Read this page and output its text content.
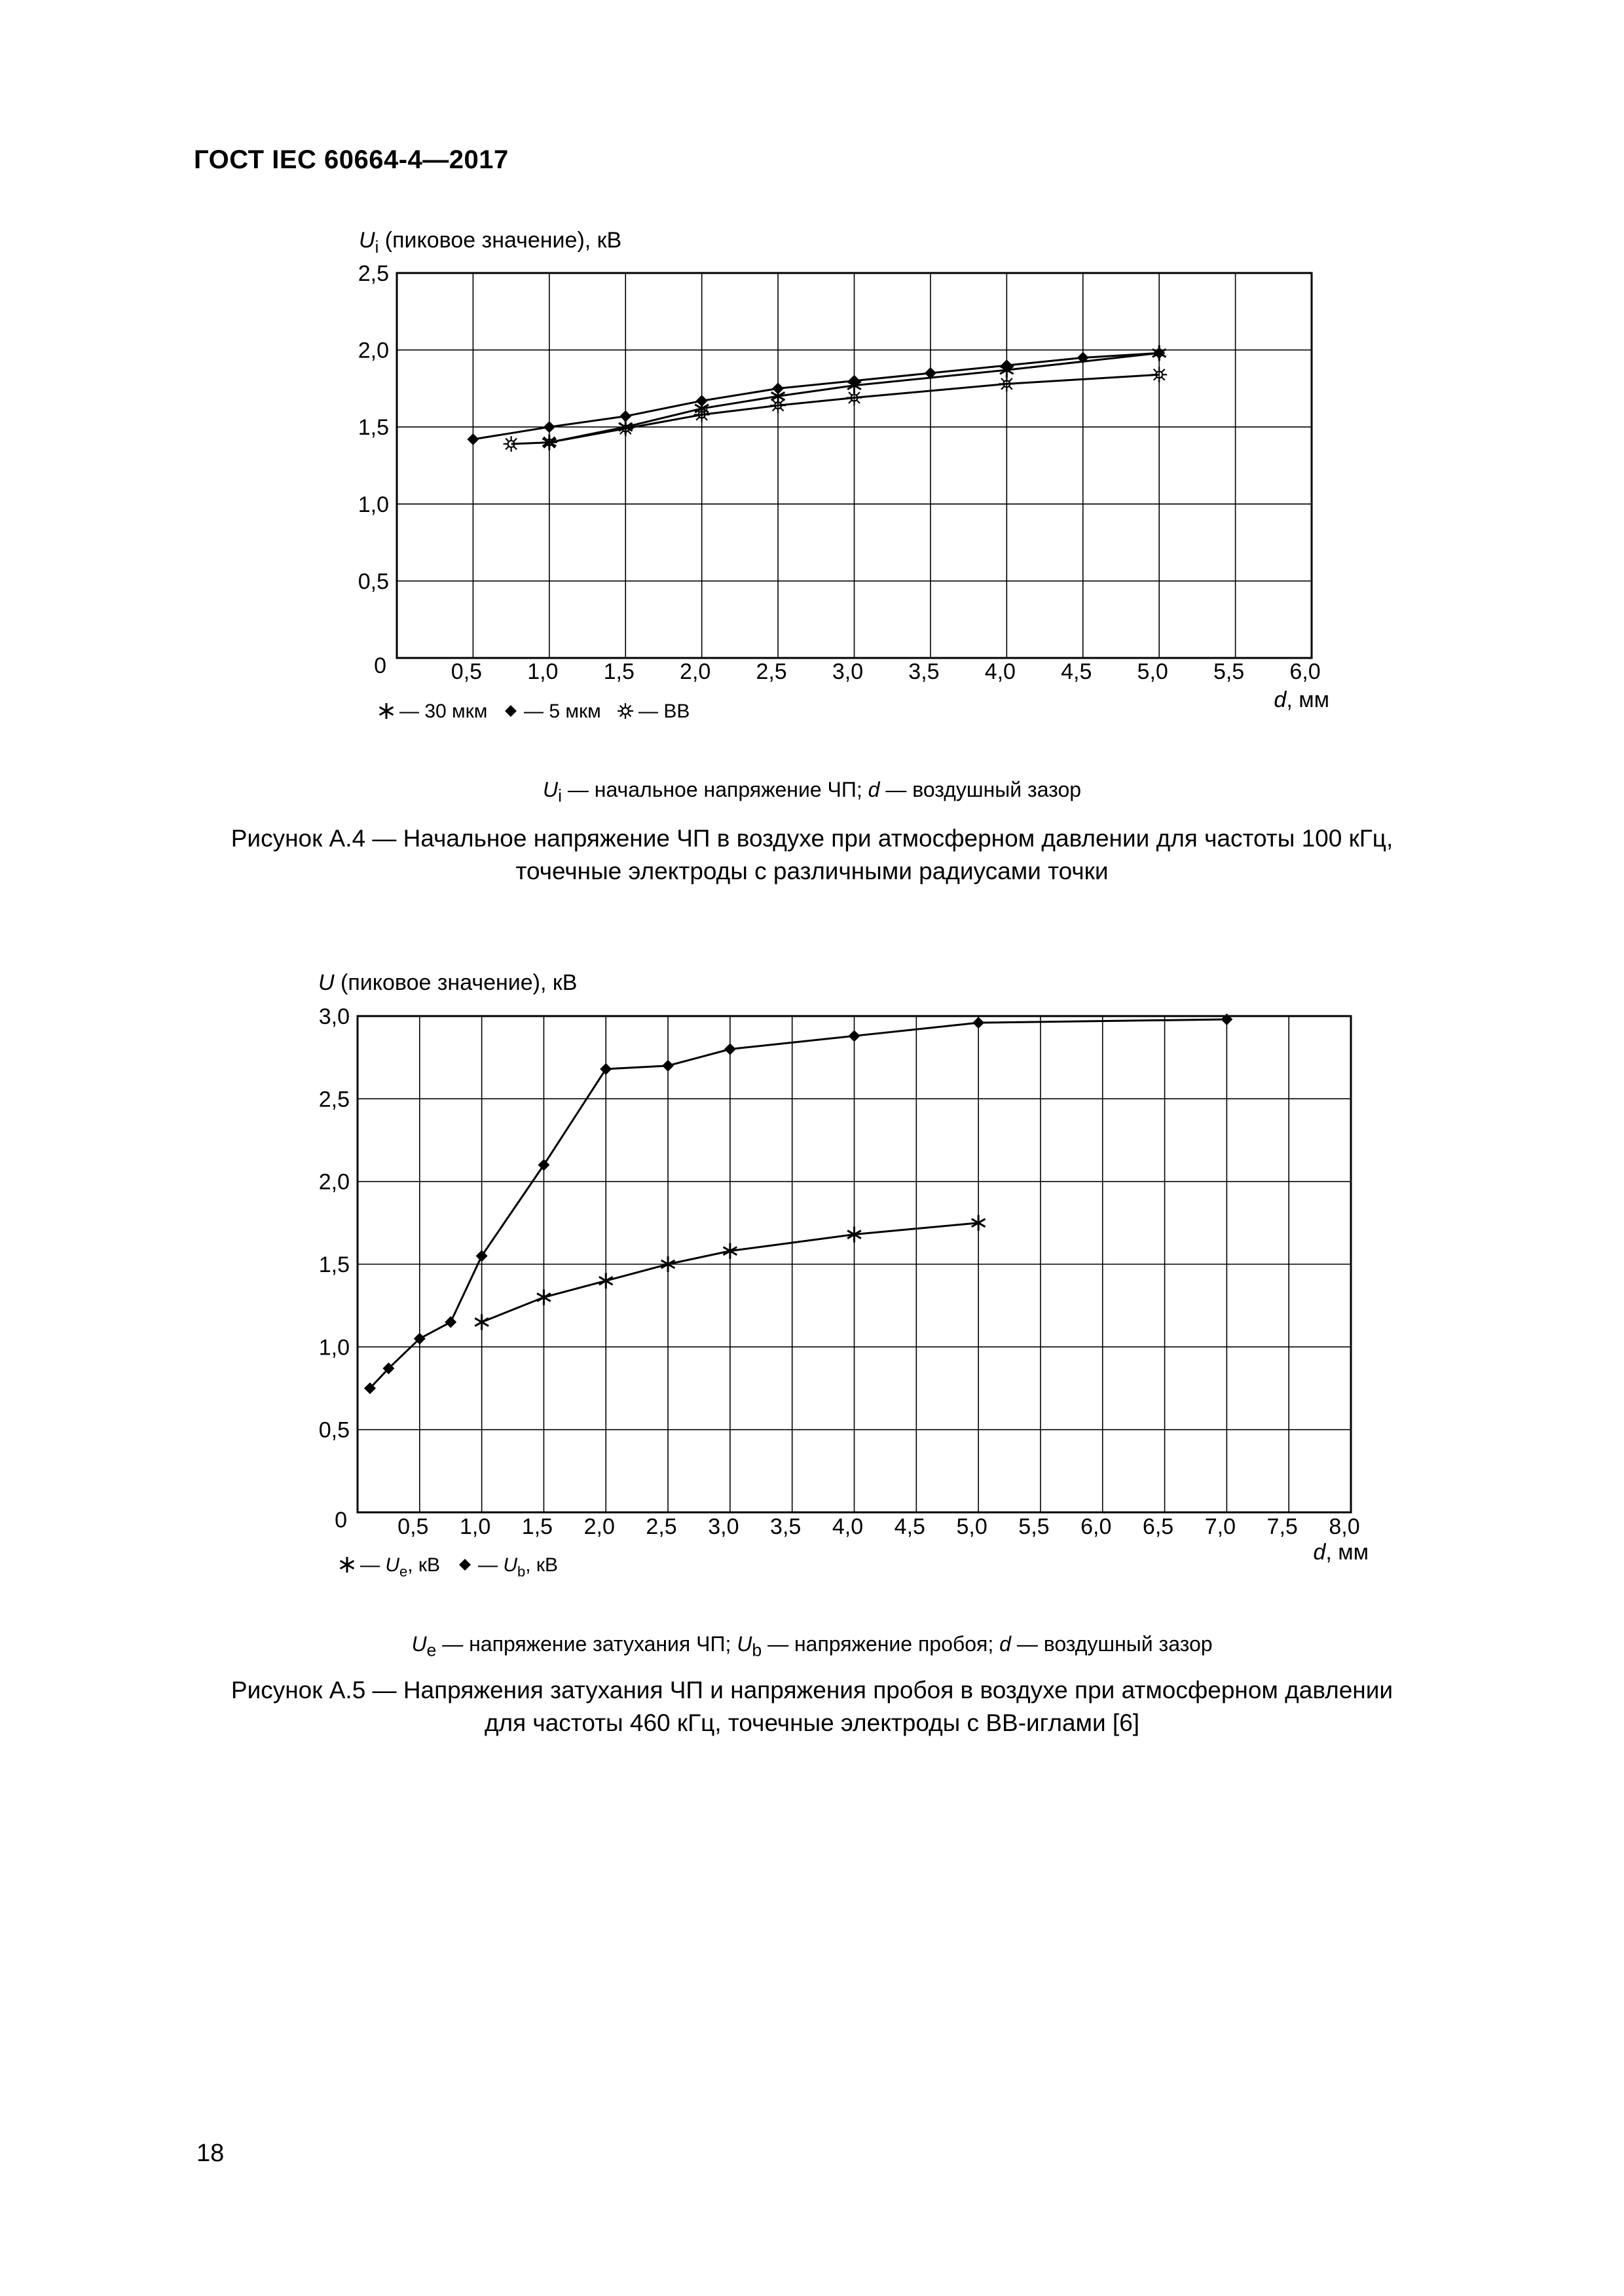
ГОСТ IEC 60664-4—2017
0
0,5
1,0
1,5
2,0
2,5
0,5 1,0 1,5 2,0 2,5 3,0 3,5 4,0 4,5 5,0 5,5 6,0
$U_i$ (пиковое значение), кВ
d, мм
— 30 мкм — 5 мкм — ВВ
0
0,5
1,0
1,5
2,0
2,5
3,0
0,5 1,0 1,5 2,0 2,5 3,0 3,5 4,0 4,5 5,0 5,5 6,0 6,5 7,0 7,5 8,0
U (пиковое значение), кВ
d, мм
— $U_e$, кВ — $U_b$, кВ
$U_i$ — начальное напряжение ЧП; d — воздушный зазор
Рисунок А.4 — Начальное напряжение ЧП в воздухе при атмосферном давлении для частоты 100 кГц, точечные электроды с различными радиусами точки
$U_e$ — напряжение затухания ЧП; $U_b$ — напряжение пробоя; d — воздушный зазор
Рисунок А.5 — Напряжения затухания ЧП и напряжения пробоя в воздухе при атмосферном давлении
для частоты 460 кГц, точечные электроды с ВВ-иглами [6]
18
